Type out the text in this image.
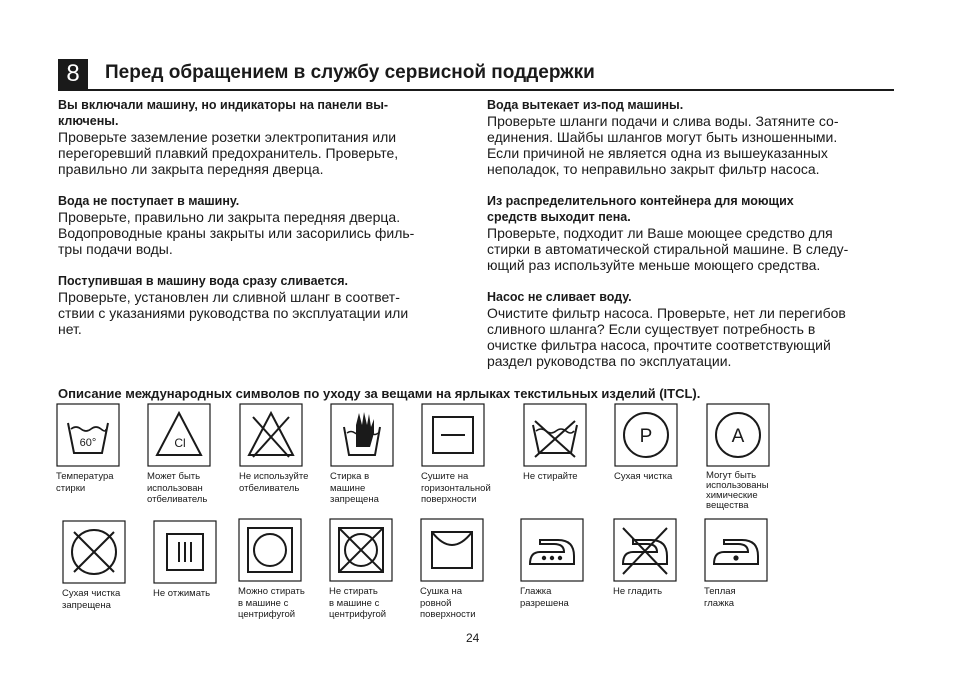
8	Перед обращением в службу сервисной поддержки

Вы включали машину, но индикаторы на панели вы-

ключены.

Проверьте заземление розетки электропитания или

перегоревший плавкий предохранитель. Проверьте,

правильно ли закрыта передняя дверца.

Вода не поступает в машину.

Проверьте, правильно ли закрыта передняя дверца.

Водопроводные краны закрыты или засорились филь-

тры подачи воды.

Поступившая в машину вода сразу сливается.

Проверьте, установлен ли сливной шланг в соответ-

ствии с указаниями руководства по эксплуатации или

нет.

Вода вытекает из-под машины.

Проверьте шланги подачи и слива воды. Затяните со-

единения. Шайбы шлангов могут быть изношенными.

Если причиной не является одна из вышеуказанных

неполадок, то неправильно закрыт фильтр насоса.

Из распределительного контейнера для моющих

средств выходит пена.

Проверьте, подходит ли Ваше моющее средство для

стирки в автоматической стиральной машине. В следу-

ющий раз используйте меньше моющего средства.

Насос не сливает воду.

Очистите фильтр насоса. Проверьте, нет ли перегибов

сливного шланга? Если существует потребность в

очистке фильтра насоса, прочтите соответствующий

раздел руководства по эксплуатации.

Описание международных символов по уходу за вещами на ярлыках текстильных изделий (ITCL).
60°
Температура
стирки
Cl
Может быть
использован
отбеливатель
Не используйте
отбеливатель
Стирка в
машине
запрещена
Сушите на
горизонтальной
поверхности
Не стирайте
P
Сухая чистка
A
Могут быть
использованы
химические
вещества
Сухая чистка
запрещена
Не отжимать	Можно стирать
в машине с
центрифугой
Не стирать
в машине с
центрифугой
Сушка на
ровной
поверхности
Глажка
разрешена
Не гладить	Теплая
глажка
24
